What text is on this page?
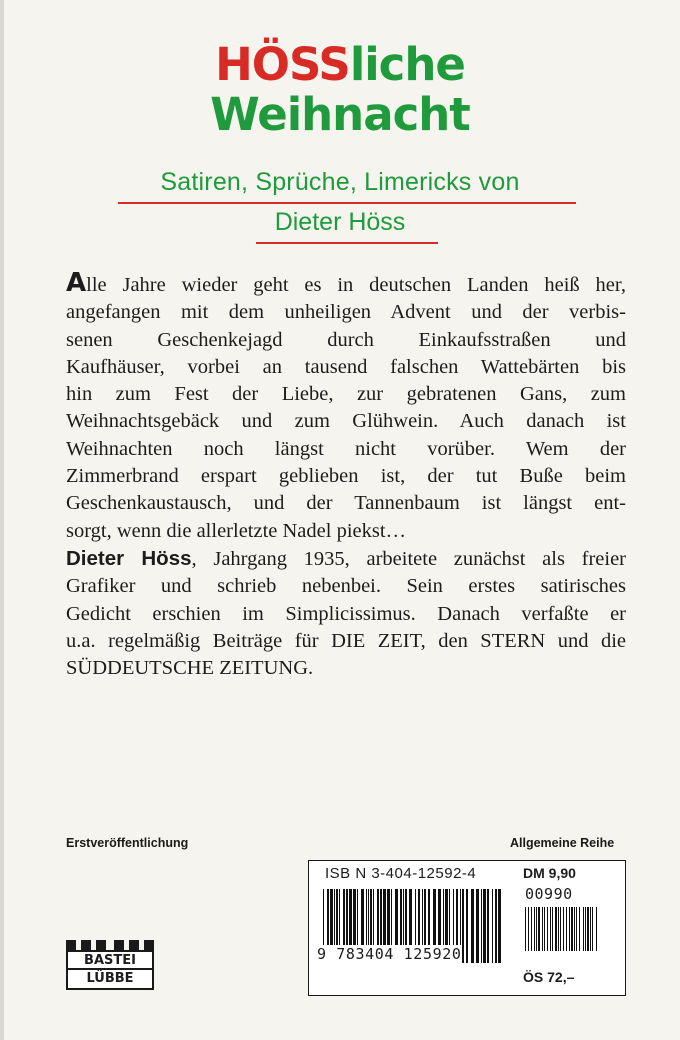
HÖSSliche
Weihnacht
Satiren, Sprüche, Limericks von
Dieter Höss
Alle Jahre wieder geht es in deutschen Landen heiß her,
angefangen mit dem unheiligen Advent und der verbis-
senen Geschenkejagd durch Einkaufsstraßen und
Kaufhäuser, vorbei an tausend falschen Wattebärten bis
hin zum Fest der Liebe, zur gebratenen Gans, zum
Weihnachtsgebäck und zum Glühwein. Auch danach ist
Weihnachten noch längst nicht vorüber. Wem der
Zimmerbrand erspart geblieben ist, der tut Buße beim
Geschenkaustausch, und der Tannenbaum ist längst ent-
sorgt, wenn die allerletzte Nadel piekst…
Dieter Höss, Jahrgang 1935, arbeitete zunächst als freier
Grafiker und schrieb nebenbei. Sein erstes satirisches
Gedicht erschien im Simplicissimus. Danach verfaßte er
u.a. regelmäßig Beiträge für DIE ZEIT, den STERN und die
SÜDDEUTSCHE ZEITUNG.
Erstveröffentlichung	Allgemeine Reihe
ISB N 3-404-12592-4	DM 9,90
9 783404 125920
00990
ÖS 72,–
BASTEI
LÜBBE
